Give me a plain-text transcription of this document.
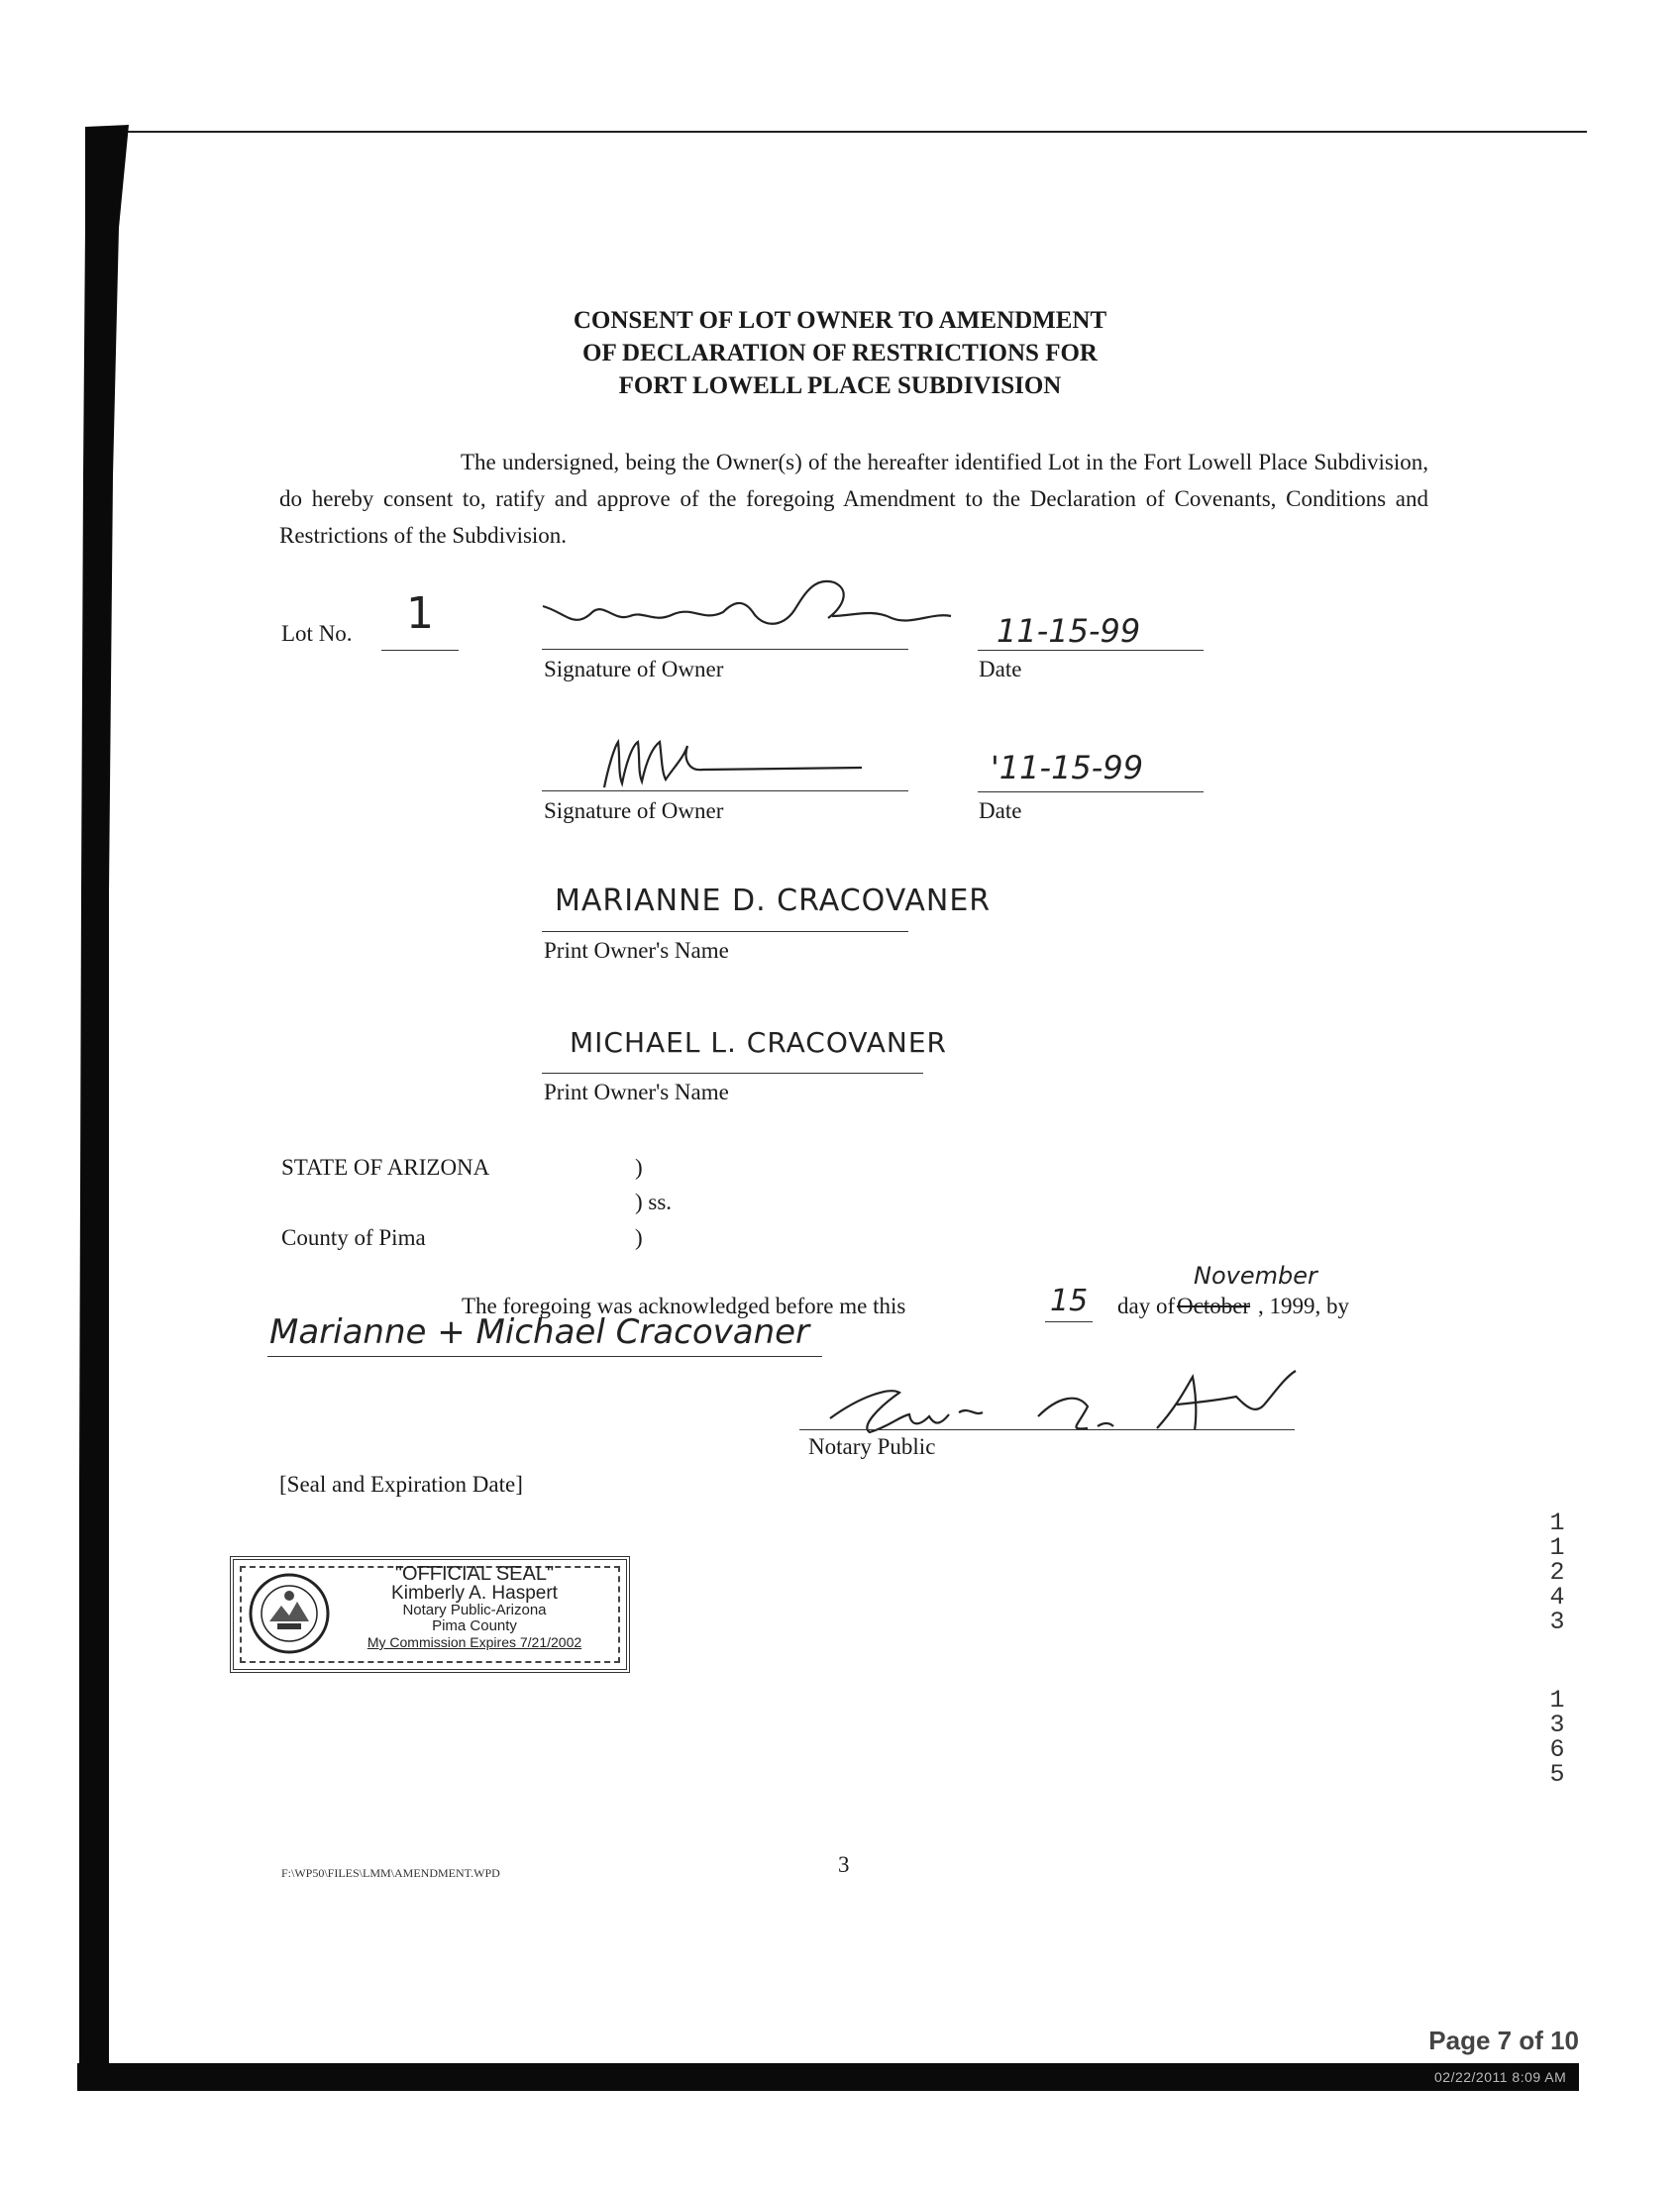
CONSENT OF LOT OWNER TO AMENDMENT
OF DECLARATION OF RESTRICTIONS FOR
FORT LOWELL PLACE SUBDIVISION
The undersigned, being the Owner(s) of the hereafter identified Lot in the Fort Lowell Place Subdivision, do hereby consent to, ratify and approve of the foregoing Amendment to the Declaration of Covenants, Conditions and Restrictions of the Subdivision.
Lot No. 1
Signature of Owner
11-15-99
Date
Signature of Owner
'11-15-99
Date
MARIANNE D. CRACOVANER
Print Owner's Name
MICHAEL L. CRACOVANER
Print Owner's Name
STATE OF ARIZONA	)
) ss.
County of Pima	)
The foregoing was acknowledged before me this	15 day of October
November
, 1999, by
Marianne + Michael Cracovaner
Notary Public
[Seal and Expiration Date]
"OFFICIAL SEAL"
Kimberly A. Haspert
Notary Public-Arizona
Pima County
My Commission Expires 7/21/2002
1
1
2
4
3
1
3
6
5
F:\WP50\FILES\LMM\AMENDMENT.WPD	3
Page 7 of 10
02/22/2011 8:09 AM
